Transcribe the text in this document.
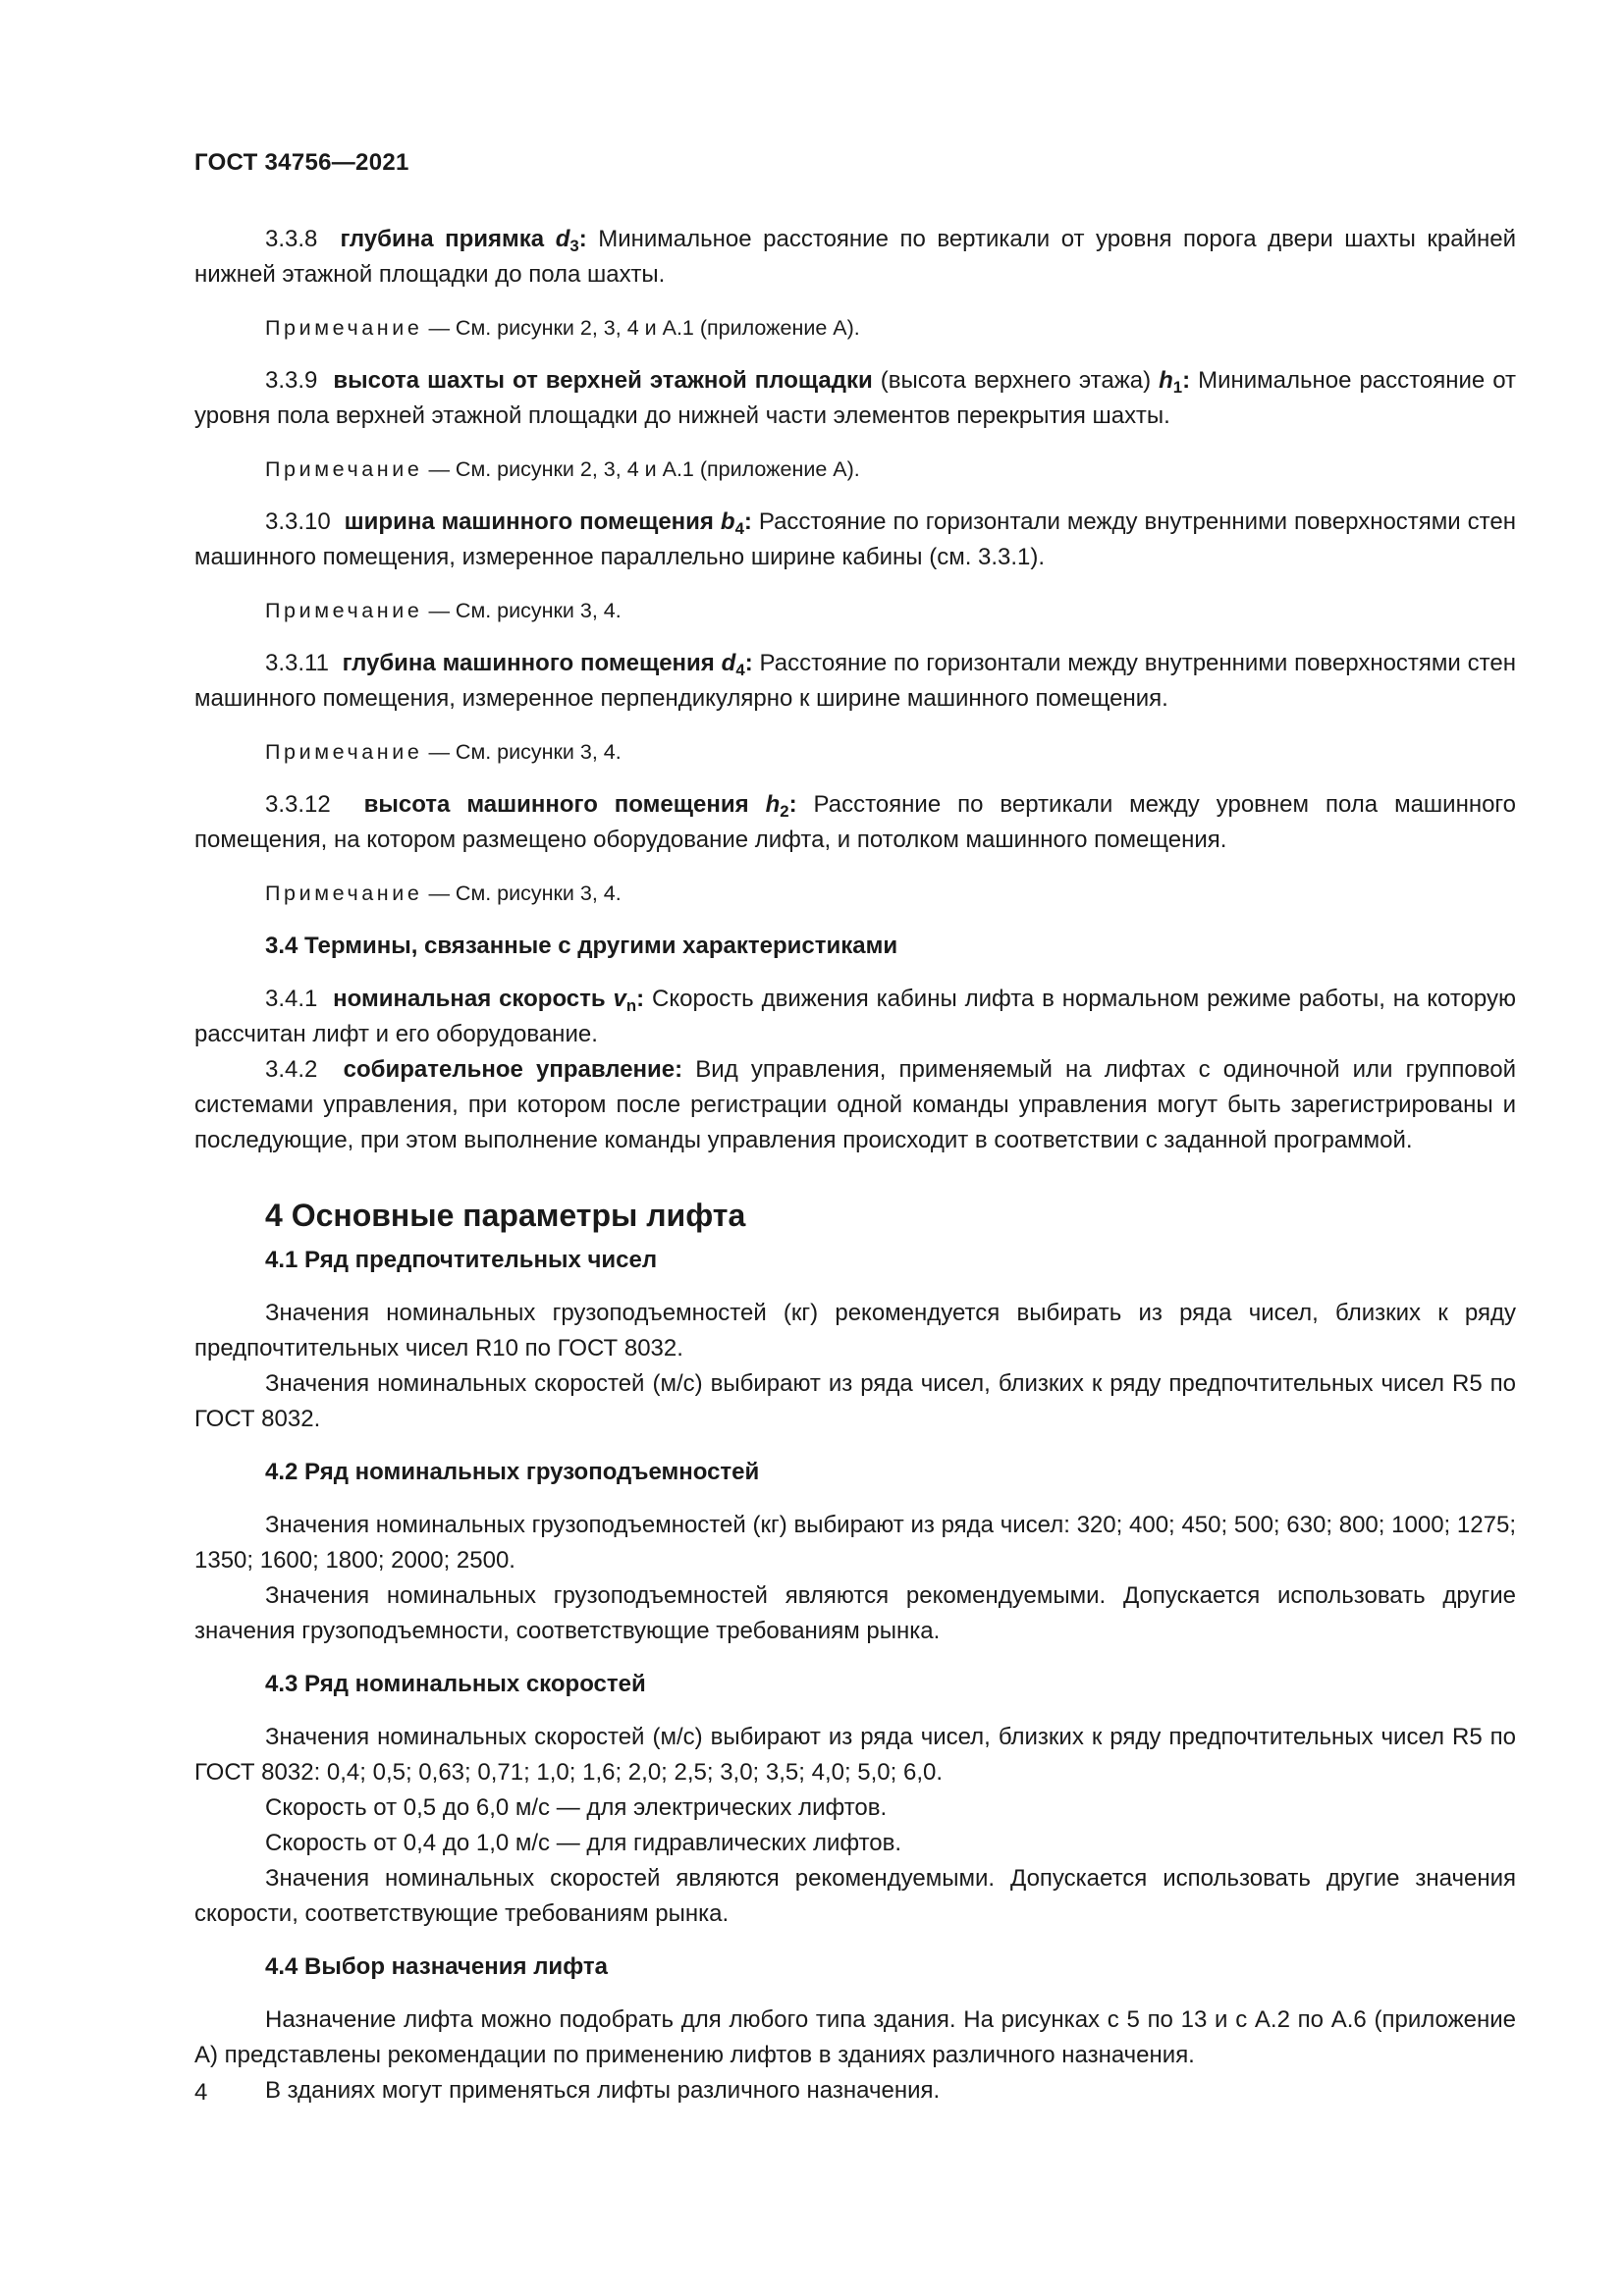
ГОСТ 34756—2021

3.3.8 глубина приямка $d_3$: Минимальное расстояние по вертикали от уровня порога двери шахты крайней нижней этажной площадки до пола шахты.

Примечание — См. рисунки 2, 3, 4 и А.1 (приложение А).

3.3.9 высота шахты от верхней этажной площадки (высота верхнего этажа) $h_1$: Минимальное расстояние от уровня пола верхней этажной площадки до нижней части элементов перекрытия шахты.

Примечание — См. рисунки 2, 3, 4 и А.1 (приложение А).

3.3.10 ширина машинного помещения $b_4$: Расстояние по горизонтали между внутренними поверхностями стен машинного помещения, измеренное параллельно ширине кабины (см. 3.3.1).

Примечание — См. рисунки 3, 4.

3.3.11 глубина машинного помещения $d_4$: Расстояние по горизонтали между внутренними поверхностями стен машинного помещения, измеренное перпендикулярно к ширине машинного помещения.

Примечание — См. рисунки 3, 4.

3.3.12 высота машинного помещения $h_2$: Расстояние по вертикали между уровнем пола машинного помещения, на котором размещено оборудование лифта, и потолком машинного помещения.

Примечание — См. рисунки 3, 4.

3.4 Термины, связанные с другими характеристиками

3.4.1 номинальная скорость $v_n$: Скорость движения кабины лифта в нормальном режиме работы, на которую рассчитан лифт и его оборудование.

3.4.2 собирательное управление: Вид управления, применяемый на лифтах с одиночной или групповой системами управления, при котором после регистрации одной команды управления могут быть зарегистрированы и последующие, при этом выполнение команды управления происходит в соответствии с заданной программой.

4 Основные параметры лифта

4.1 Ряд предпочтительных чисел

Значения номинальных грузоподъемностей (кг) рекомендуется выбирать из ряда чисел, близких к ряду предпочтительных чисел R10 по ГОСТ 8032.

Значения номинальных скоростей (м/с) выбирают из ряда чисел, близких к ряду предпочтительных чисел R5 по ГОСТ 8032.

4.2 Ряд номинальных грузоподъемностей

Значения номинальных грузоподъемностей (кг) выбирают из ряда чисел: 320; 400; 450; 500; 630; 800; 1000; 1275; 1350; 1600; 1800; 2000; 2500.

Значения номинальных грузоподъемностей являются рекомендуемыми. Допускается использовать другие значения грузоподъемности, соответствующие требованиям рынка.

4.3 Ряд номинальных скоростей

Значения номинальных скоростей (м/с) выбирают из ряда чисел, близких к ряду предпочтительных чисел R5 по ГОСТ 8032: 0,4; 0,5; 0,63; 0,71; 1,0; 1,6; 2,0; 2,5; 3,0; 3,5; 4,0; 5,0; 6,0.

Скорость от 0,5 до 6,0 м/с — для электрических лифтов.

Скорость от 0,4 до 1,0 м/с — для гидравлических лифтов.

Значения номинальных скоростей являются рекомендуемыми. Допускается использовать другие значения скорости, соответствующие требованиям рынка.

4.4 Выбор назначения лифта

Назначение лифта можно подобрать для любого типа здания. На рисунках с 5 по 13 и с А.2 по А.6 (приложение А) представлены рекомендации по применению лифтов в зданиях различного назначения.

В зданиях могут применяться лифты различного назначения.

4
